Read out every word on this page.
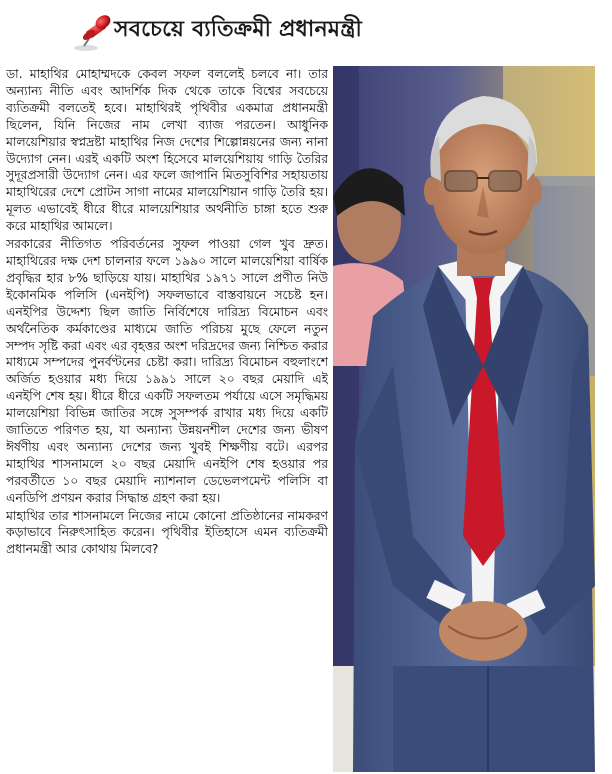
সবচেয়ে ব্যতিক্রমী প্রধানমন্ত্রী

ডা. মাহাথির মোহাম্মদকে কেবল সফল বললেই চলবে না। তার অন্যান্য নীতি এবং আদর্শিক দিক থেকে তাকে বিশ্বের সবচেয়ে ব্যতিক্রমী বলতেই হবে। মাহাথিরই পৃথিবীর একমাত্র প্রধানমন্ত্রী ছিলেন, যিনি নিজের নাম লেখা ব্যাজ পরতেন। আধুনিক মালয়েশিয়ার স্বপ্নদ্রষ্টা মাহাথির নিজ দেশের শিল্পোন্নয়নের জন্য নানা উদ্যোগ নেন। এরই একটি অংশ হিসেবে মালয়েশিয়ায় গাড়ি তৈরির সুদূরপ্রসারী উদ্যোগ নেন। এর ফলে জাপানি মিতসুবিশির সহায়তায় মাহাথিরের দেশে প্রোটন সাগা নামের মালয়েশিয়ান গাড়ি তৈরি হয়। মূলত এভাবেই ধীরে ধীরে মালয়েশিয়ার অর্থনীতি চাঙ্গা হতে শুরু করে মাহাথির আমলে।

সরকারের নীতিগত পরিবর্তনের সুফল পাওয়া গেল খুব দ্রুত। মাহাথিরের দক্ষ দেশ চালনার ফলে ১৯৯০ সালে মালয়েশিয়া বার্ষিক প্রবৃদ্ধির হার ৮% ছাড়িয়ে যায়। মাহাথির ১৯৭১ সালে প্রণীত নিউ ইকোনমিক পলিসি (এনইপি) সফলভাবে বাস্তবায়নে সচেষ্ট হন। এনইপির উদ্দেশ্য ছিল জাতি নির্বিশেষে দারিদ্র্য বিমোচন এবং অর্থনৈতিক কর্মকাণ্ডের মাধ্যমে জাতি পরিচয় মুছে ফেলে নতুন সম্পদ সৃষ্টি করা এবং এর বৃহত্তর অংশ দরিদ্রদের জন্য নিশ্চিত করার মাধ্যমে সম্পদের পুনর্বণ্টনের চেষ্টা করা। দারিদ্র্য বিমোচন বহুলাংশে অর্জিত হওয়ার মধ্য দিয়ে ১৯৯১ সালে ২০ বছর মেয়াদি এই এনইপি শেষ হয়। ধীরে ধীরে একটি সফলতম পর্যায়ে এসে সমৃদ্ধিময় মালয়েশিয়া বিভিন্ন জাতির সঙ্গে সুসম্পর্ক রাখার মধ্য দিয়ে একটি জাতিতে পরিণত হয়, যা অন্যান্য উন্নয়নশীল দেশের জন্য ভীষণ ঈর্ষণীয় এবং অন্যান্য দেশের জন্য খুবই শিক্ষণীয় বটে। এরপর মাহাথির শাসনামলে ২০ বছর মেয়াদি এনইপি শেষ হওয়ার পর পরবর্তীতে ১০ বছর মেয়াদি ন্যাশনাল ডেভেলপমেন্ট পলিসি বা এনডিপি প্রণয়ন করার সিদ্ধান্ত গ্রহণ করা হয়।

মাহাথির তার শাসনামলে নিজের নামে কোনো প্রতিষ্ঠানের নামকরণ কড়াভাবে নিরুৎসাহিত করেন। পৃথিবীর ইতিহাসে এমন ব্যতিক্রমী প্রধানমন্ত্রী আর কোথায় মিলবে?
